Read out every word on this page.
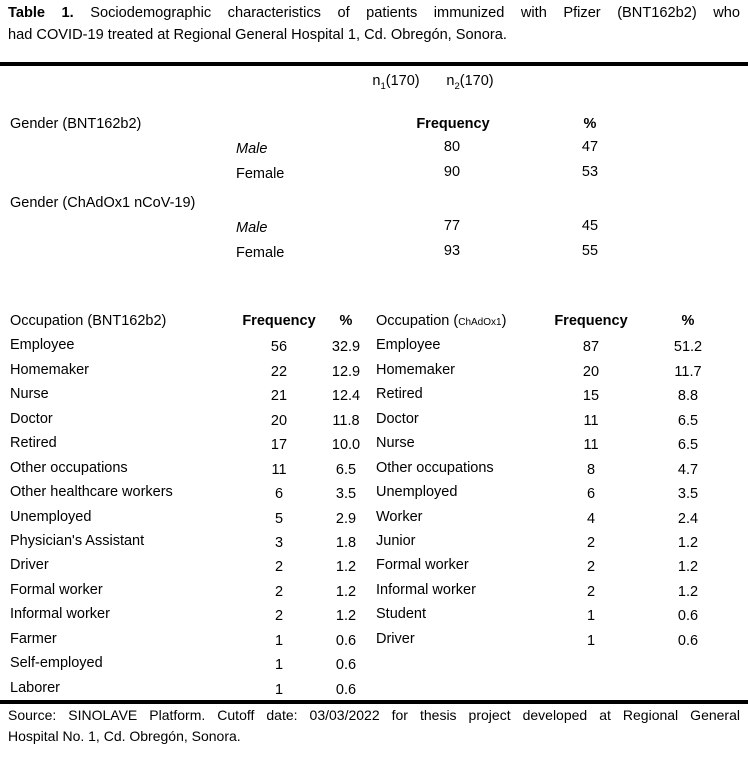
Table 1. Sociodemographic characteristics of patients immunized with Pfizer (BNT162b2) who
had COVID-19 treated at Regional General Hospital 1, Cd. Obregón, Sonora.
$n_1(170)$ $n_2(170)$
Gender (BNT162b2)	Frequency	%
Male	80	47
Female	90	53
Gender (ChAdOx1 nCoV-19)
Male	77	45
Female	93	55
Occupation (BNT162b2)	Frequency	%	Occupation (ChAdOx1)	Frequency	%
Employee	56	32.9	Employee	87	51.2
Homemaker	22	12.9	Homemaker	20	11.7
Nurse	21	12.4	Retired	15	8.8
Doctor	20	11.8	Doctor	11	6.5
Retired	17	10.0	Nurse	11	6.5
Other occupations	11	6.5	Other occupations	8	4.7
Other healthcare workers	6	3.5	Unemployed	6	3.5
Unemployed	5	2.9	Worker	4	2.4
Physician's Assistant	3	1.8	Junior	2	1.2
Driver	2	1.2	Formal worker	2	1.2
Formal worker	2	1.2	Informal worker	2	1.2
Informal worker	2	1.2	Student	1	0.6
Farmer	1	0.6	Driver	1	0.6
Self-employed	1	0.6
Laborer	1	0.6
Source: SINOLAVE Platform. Cutoff date: 03/03/2022 for thesis project developed at Regional General
Hospital No. 1, Cd. Obregón, Sonora.
